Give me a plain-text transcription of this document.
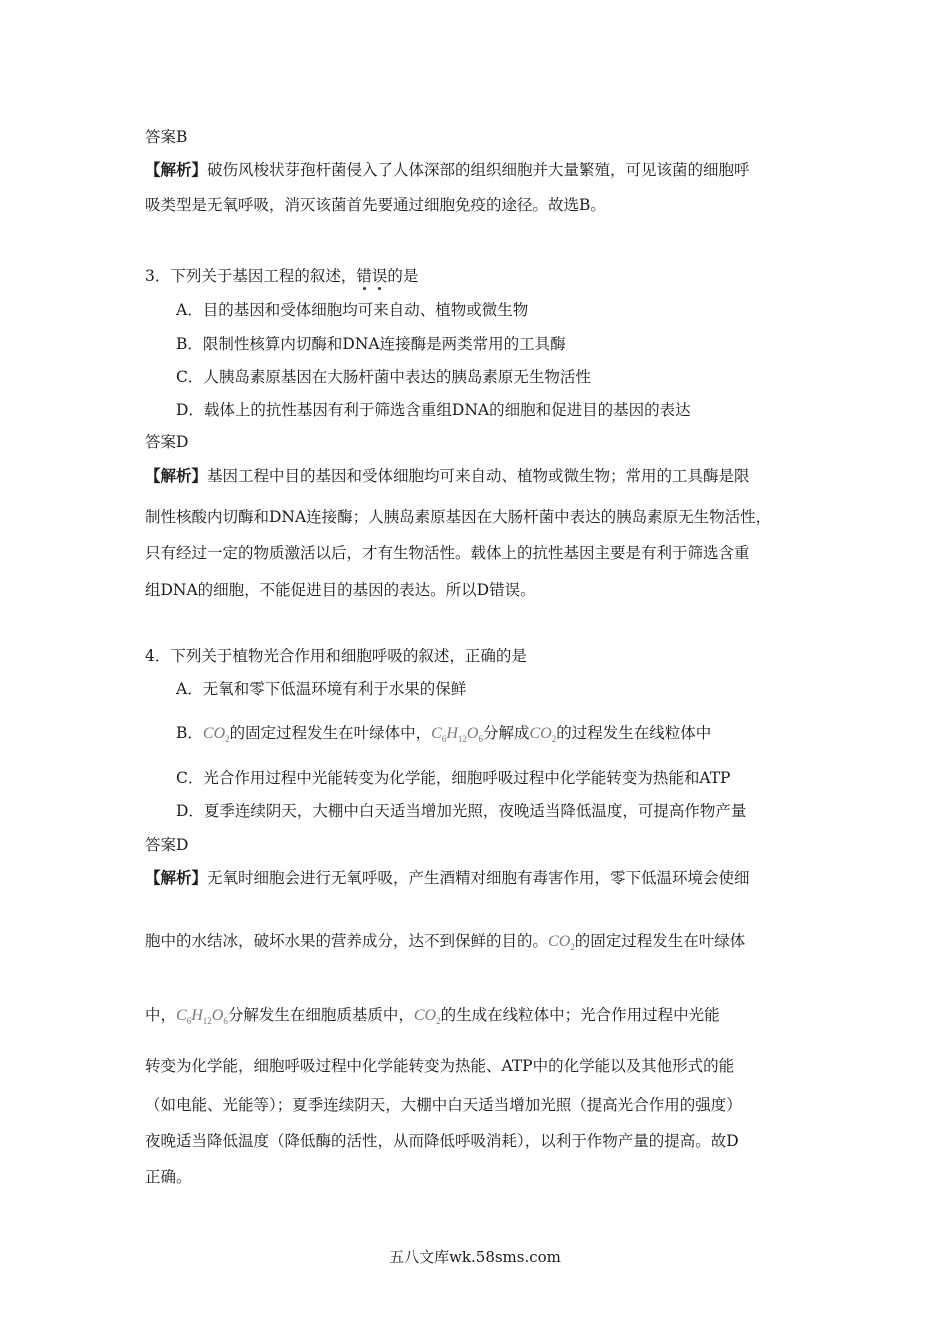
答案B
【解析】破伤风梭状芽孢杆菌侵入了人体深部的组织细胞并大量繁殖，可见该菌的细胞呼
吸类型是无氧呼吸，消灭该菌首先要通过细胞免疫的途径。故选B。
3．下列关于基因工程的叙述，错误的是
A．目的基因和受体细胞均可来自动、植物或微生物
B．限制性核算内切酶和DNA连接酶是两类常用的工具酶
C．人胰岛素原基因在大肠杆菌中表达的胰岛素原无生物活性
D．载体上的抗性基因有利于筛选含重组DNA的细胞和促进目的基因的表达
答案D
【解析】基因工程中目的基因和受体细胞均可来自动、植物或微生物；常用的工具酶是限
制性核酸内切酶和DNA连接酶；人胰岛素原基因在大肠杆菌中表达的胰岛素原无生物活性，
只有经过一定的物质激活以后，才有生物活性。载体上的抗性基因主要是有利于筛选含重
组DNA的细胞，不能促进目的基因的表达。所以D错误。
4．下列关于植物光合作用和细胞呼吸的叙述，正确的是
A．无氧和零下低温环境有利于水果的保鲜
B．$CO_2$的固定过程发生在叶绿体中，$C_6H_{12}O_6$分解成$CO_2$的过程发生在线粒体中
C．光合作用过程中光能转变为化学能，细胞呼吸过程中化学能转变为热能和ATP
D．夏季连续阴天，大棚中白天适当增加光照，夜晚适当降低温度，可提高作物产量
答案D
【解析】无氧时细胞会进行无氧呼吸，产生酒精对细胞有毒害作用，零下低温环境会使细
胞中的水结冰，破坏水果的营养成分，达不到保鲜的目的。$CO_2$的固定过程发生在叶绿体
中，$C_6H_{12}O_6$分解发生在细胞质基质中，$CO_2$的生成在线粒体中；光合作用过程中光能
转变为化学能，细胞呼吸过程中化学能转变为热能、ATP中的化学能以及其他形式的能
（如电能、光能等）；夏季连续阴天，大棚中白天适当增加光照（提高光合作用的强度）
夜晚适当降低温度（降低酶的活性，从而降低呼吸消耗），以利于作物产量的提高。故D
正确。
五八文库wk.58sms.com
